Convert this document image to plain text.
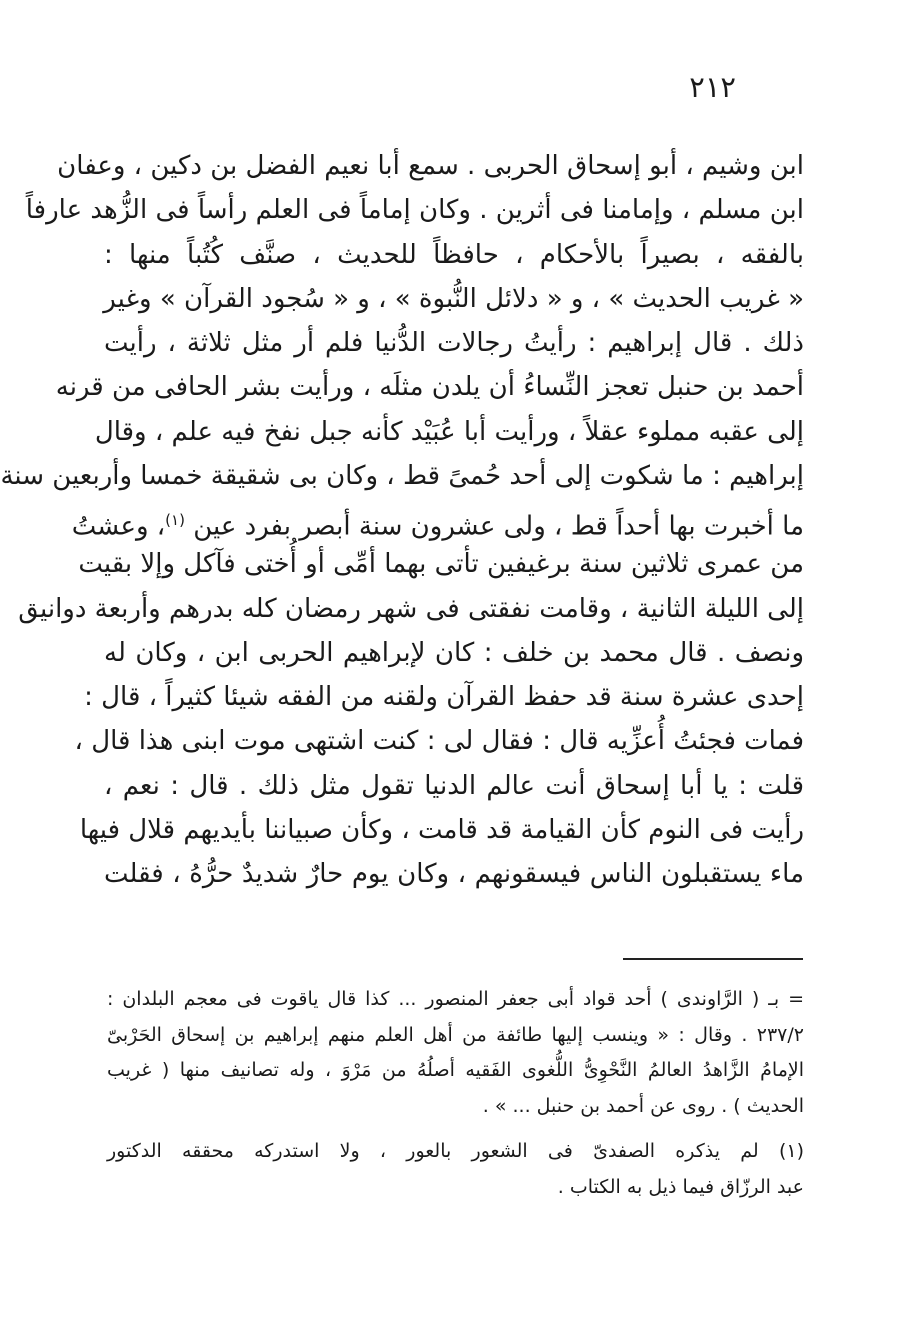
٢١٢
ابن وشيم ، أبو إسحاق الحربى . سمع أبا نعيم الفضل بن دكين ، وعفان
ابن مسلم ، وإمامنا فى أثرين . وكان إماماً فى العلم رأساً فى الزُّهد عارفاً
بالفقه ، بصيراً بالأحكام ، حافظاً للحديث ، صنَّف كُتُباً منها :
« غريب الحديث » ، و « دلائل النُّبوة » ، و « سُجود القرآن » وغير
ذلك . قال إبراهيم : رأيتُ رجالات الدُّنيا فلم أر مثل ثلاثة ، رأيت
أحمد بن حنبل تعجز النِّساءُ أن يلدن مثلَه ، ورأيت بشر الحافى من قرنه
إلى عقبه مملوء عقلاً ، ورأيت أبا عُبَيْد كأنه جبل نفخ فيه علم ، وقال
إبراهيم : ما شكوت إلى أحد حُمىً قط ، وكان بى شقيقة خمسا وأربعين سنة
ما أخبرت بها أحداً قط ، ولى عشرون سنة أبصر بفرد عين $^{(١)}$، وعشتُ
من عمرى ثلاثين سنة برغيفين تأتى بهما أمِّى أو أُختى فآكل وإلا بقيت
إلى الليلة الثانية ، وقامت نفقتى فى شهر رمضان كله بدرهم وأربعة دوانيق
ونصف . قال محمد بن خلف : كان لإبراهيم الحربى ابن ، وكان له
إحدى عشرة سنة قد حفظ القرآن ولقنه من الفقه شيئا كثيراً ، قال :
فمات فجئتُ أُعزِّيه قال : فقال لى : كنت اشتهى موت ابنى هذا قال ،
قلت : يا أبا إسحاق أنت عالم الدنيا تقول مثل ذلك . قال : نعم ،
رأيت فى النوم كأن القيامة قد قامت ، وكأن صبياننا بأيديهم قلال فيها
ماء يستقبلون الناس فيسقونهم ، وكان يوم حارٌ شديدٌ حرُّهُ ، فقلت
= بـ ( الرَّاوندى ) أحد قواد أبى جعفر المنصور ... كذا قال ياقوت فى معجم البلدان :
٢٣٧/٢ . وقال : « وينسب إليها طائفة من أهل العلم منهم إبراهيم بن إسحاق الحَرْبىّ
الإمامُ الزَّاهدُ العالمُ النَّحْوِىُّ اللُّغوى الفَقيه أصلُهُ من مَرْوَ ، وله تصانيف منها ( غريب
الحديث ) . روى عن أحمد بن حنبل ... » .
(١) لم يذكره الصفدىّ فى الشعور بالعور ، ولا استدركه محققه الدكتور
عبد الرزّاق فيما ذيل به الكتاب .
